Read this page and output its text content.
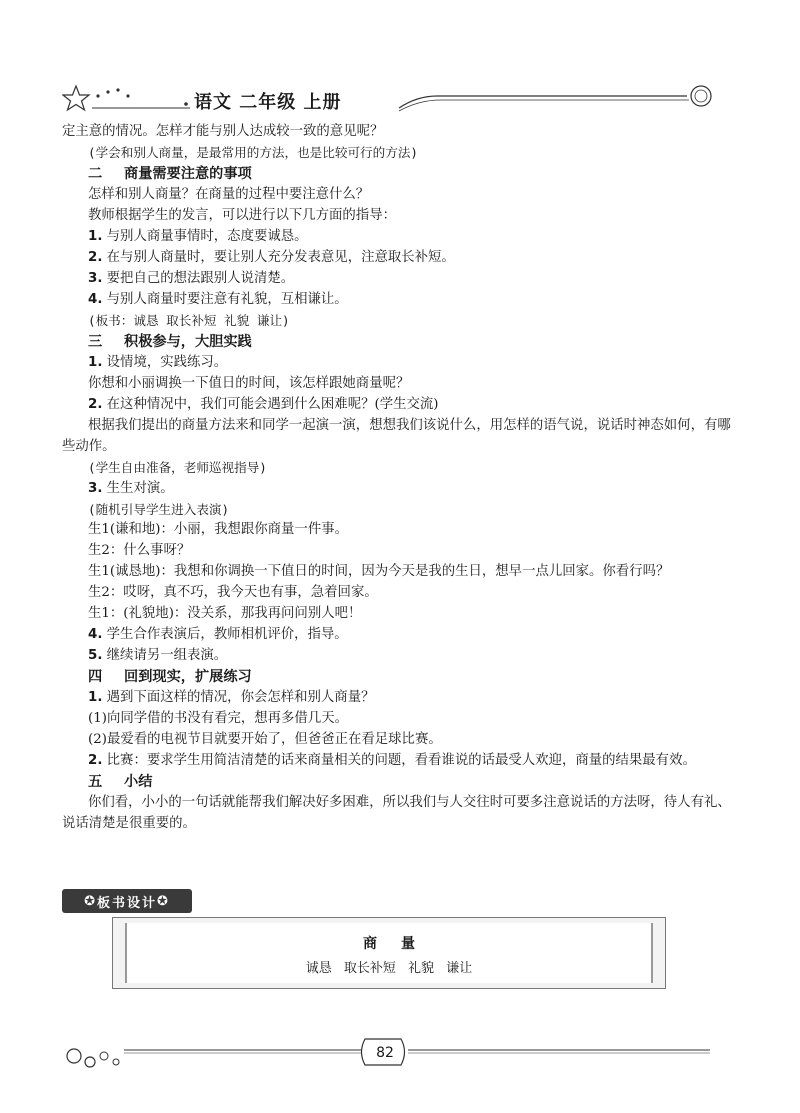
语文 二年级 上册

定主意的情况。怎样才能与别人达成较一致的意见呢？

(学会和别人商量，是最常用的方法，也是比较可行的方法)

二 商量需要注意的事项

怎样和别人商量？在商量的过程中要注意什么？

教师根据学生的发言，可以进行以下几方面的指导：

1. 与别人商量事情时，态度要诚恳。

2. 在与别人商量时，要让别人充分发表意见，注意取长补短。

3. 要把自己的想法跟别人说清楚。

4. 与别人商量时要注意有礼貌，互相谦让。

(板书：诚恳 取长补短 礼貌 谦让)

三 积极参与，大胆实践

1. 设情境，实践练习。

你想和小丽调换一下值日的时间，该怎样跟她商量呢？

2. 在这种情况中，我们可能会遇到什么困难呢？(学生交流)

根据我们提出的商量方法来和同学一起演一演，想想我们该说什么，用怎样的语气说，说话时神态如何，有哪些动作。

(学生自由准备，老师巡视指导)

3. 生生对演。

(随机引导学生进入表演)

生1(谦和地)：小丽，我想跟你商量一件事。

生2：什么事呀？

生1(诚恳地)：我想和你调换一下值日的时间，因为今天是我的生日，想早一点儿回家。你看行吗？

生2：哎呀，真不巧，我今天也有事，急着回家。

生1：(礼貌地)：没关系，那我再问问别人吧！

4. 学生合作表演后，教师相机评价，指导。

5. 继续请另一组表演。

四 回到现实，扩展练习

1. 遇到下面这样的情况，你会怎样和别人商量？

(1)向同学借的书没有看完，想再多借几天。

(2)最爱看的电视节目就要开始了，但爸爸正在看足球比赛。

2. 比赛：要求学生用简洁清楚的话来商量相关的问题，看看谁说的话最受人欢迎，商量的结果最有效。

五 小结

你们看，小小的一句话就能帮我们解决好多困难，所以我们与人交往时可要多注意说话的方法呀，待人有礼、说话清楚是很重要的。

✪ 板书设计 ✪
商量
诚恳 取长补短 礼貌 谦让
82
